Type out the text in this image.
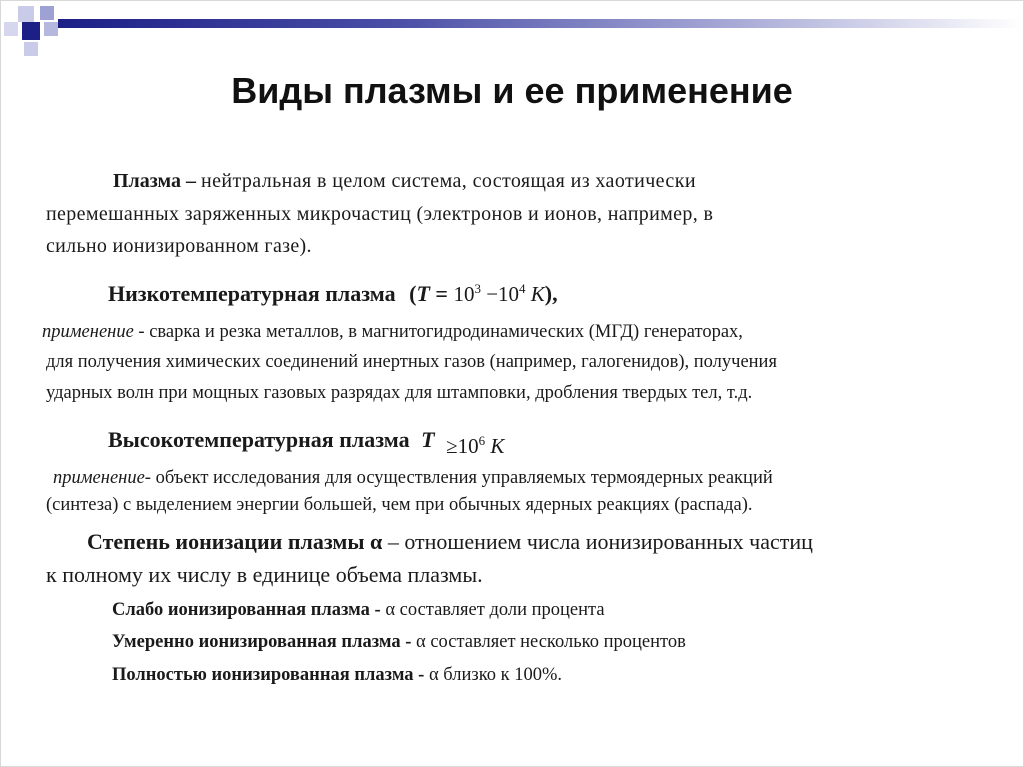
Виды плазмы и ее применение
Плазма – нейтральная в целом система, состоящая из хаотически
перемешанных заряженных микрочастиц (электронов и ионов, например, в
сильно ионизированном газе).
Низкотемпературная плазма ($T = 10^3 -10^4$ K),
применение - сварка и резка металлов, в магнитогидродинамических (МГД) генераторах,
для получения химических соединений инертных газов (например, галогенидов), получения
ударных волн при мощных газовых разрядах для штамповки, дробления твердых тел, т.д.
Высокотемпературная плазма $T \ge 10^6$ K
применение- объект исследования для осуществления управляемых термоядерных реакций
(синтеза) с выделением энергии большей, чем при обычных ядерных реакциях (распада).
Степень ионизации плазмы α – отношением числа ионизированных частиц
к полному их числу в единице объема плазмы.
Слабо ионизированная плазма - α составляет доли процента
Умеренно ионизированная плазма - α составляет несколько процентов
Полностью ионизированная плазма - α близко к 100%.
